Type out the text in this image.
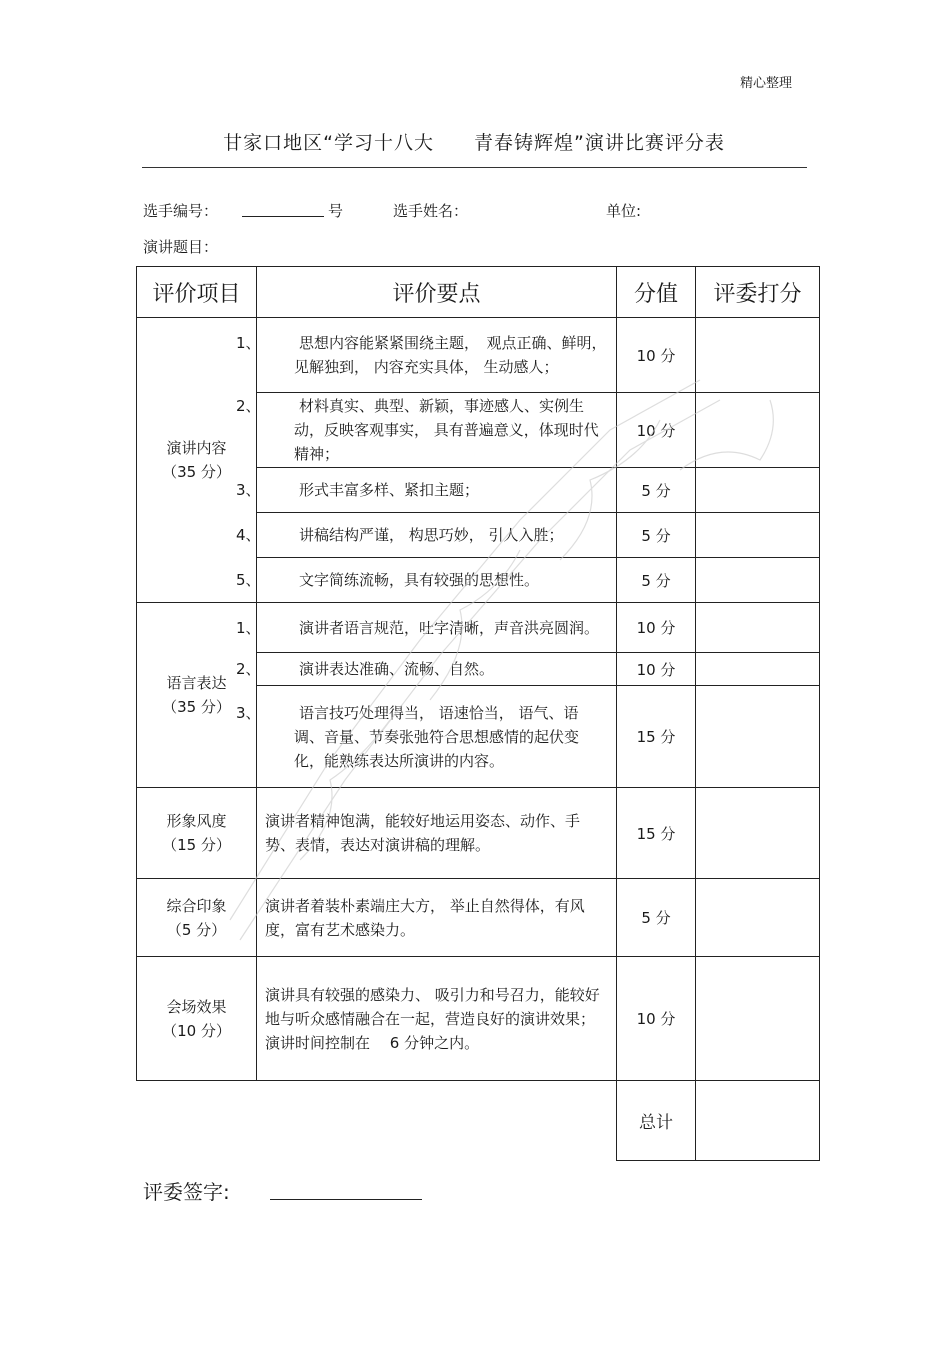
精心整理
甘家口地区“学习十八大　　青春铸辉煌”演讲比赛评分表
选手编号：	号	选手姓名：	单位:
演讲题目：
评价项目	评价要点	分值	评委打分

演讲内容
（35 分）	1、 思想内容能紧紧围绕主题，　观点正确、鲜明，见解独到， 内容充实具体， 生动感人；	10 分	

	2、 材料真实、典型、新颖，事迹感人、实例生动，反映客观事实， 具有普遍意义，体现时代精神；	10 分	

	3、 形式丰富多样、紧扣主题；	5 分	

	4、 讲稿结构严谨， 构思巧妙， 引人入胜；	5 分	

	5、 文字简练流畅，具有较强的思想性。	5 分	

语言表达
（35 分）	1、 演讲者语言规范，吐字清晰，声音洪亮圆润。	10 分	

	2、 演讲表达准确、流畅、自然。	10 分	

	3、 语言技巧处理得当， 语速恰当， 语气、语调、音量、节奏张弛符合思想感情的起伏变化，能熟练表达所演讲的内容。	15 分	

形象风度
（15 分）	演讲者精神饱满，能较好地运用姿态、动作、手势、表情，表达对演讲稿的理解。	15 分	

综合印象
（5 分）	演讲者着装朴素端庄大方， 举止自然得体，有风度，富有艺术感染力。	5 分	

会场效果
（10 分）	演讲具有较强的感染力、 吸引力和号召力，能较好地与听众感情融合在一起，营造良好的演讲效果；演讲时间控制在　 6 分钟之内。	10 分	
		总计	
评委签字:
